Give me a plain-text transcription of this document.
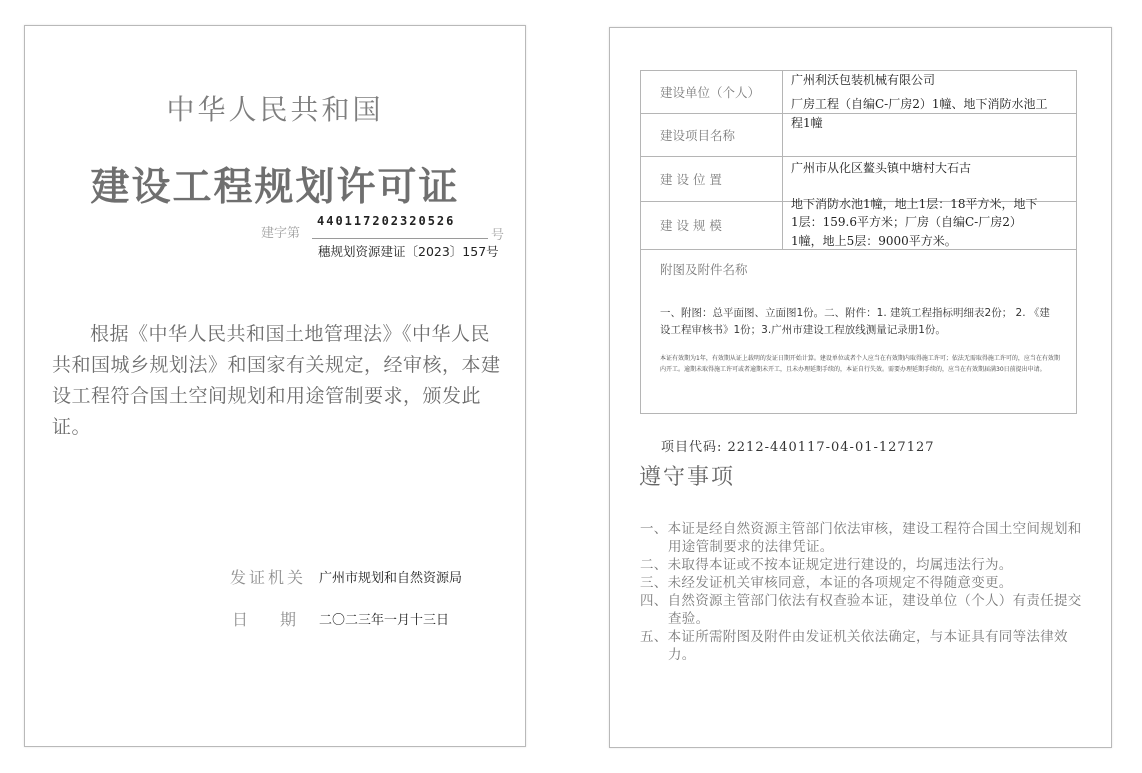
中华人民共和国
建设工程规划许可证
建字第
440117202320526
号
穗规划资源建证〔2023〕157号
根据《中华人民共和国土地管理法》《中华人民共和国城乡规划法》和国家有关规定，经审核，本建设工程符合国土空间规划和用途管制要求，颁发此证。
发证机关 广州市规划和自然资源局
日期
二〇二三年一月十三日
建设单位（个人）
广州利沃包装机械有限公司
厂房工程（自编C-厂房2）1幢、地下消防水池工
建设项目名称
程1幢
建 设 位 置
广州市从化区鳌头镇中塘村大石古
建 设 规 模
地下消防水池1幢，地上1层：18平方米，地下
1层：159.6平方米；厂房（自编C-厂房2）
1幢，地上5层：9000平方米。
附图及附件名称
一、附图：总平面图、立面图1份。二、附件：1. 建筑工程指标明细表2份； 2. 《建设工程审核书》1份；3.广州市建设工程放线测量记录册1份。
本证有效期为1年，有效期从证上载明的发证日期开始计算。建设单位或者个人应当在有效期内取得施工许可；依法无需取得施工许可的，应当在有效期内开工。逾期未取得施工许可或者逾期未开工，且未办理延期手续的，本证自行失效。需要办理延期手续的，应当在有效期届满30日前提出申请。
项目代码: 2212-440117-04-01-127127
遵守事项
一、本证是经自然资源主管部门依法审核，建设工程符合国土空间规划和用途管制要求的法律凭证。
二、未取得本证或不按本证规定进行建设的，均属违法行为。
三、未经发证机关审核同意，本证的各项规定不得随意变更。
四、自然资源主管部门依法有权查验本证，建设单位（个人）有责任提交查验。
五、本证所需附图及附件由发证机关依法确定，与本证具有同等法律效力。
